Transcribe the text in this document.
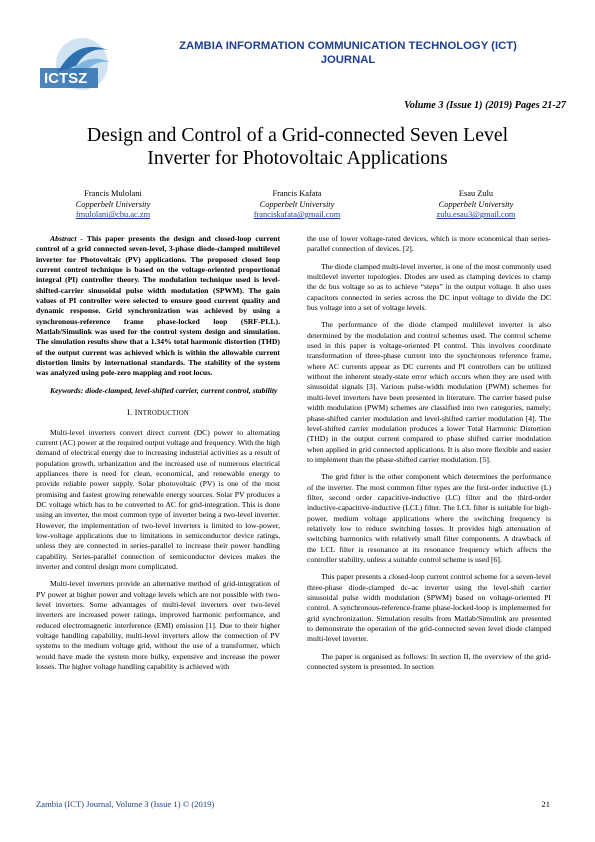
ICTSZ
ZAMBIA INFORMATION COMMUNICATION TECHNOLOGY (ICT)
JOURNAL
Volume 3 (Issue 1) (2019) Pages 21-27
Design and Control of a Grid-connected Seven Level
Inverter for Photovoltaic Applications
Francis Mulolani
Copperbelt University
fmulolani@cbu.ac.zm
Francis Kafata
Copperbelt University
franciskafata@gmail.com
Esau Zulu
Copperbelt University
zulu.esau3@gmail.com

Abstract - This paper presents the design and closed-loop current control of a grid connected seven-level, 3-phase diode-clamped multilevel inverter for Photovoltaic (PV) applications. The proposed closed loop current control technique is based on the voltage-oriented proportional integral (PI) controller theory. The modulation technique used is level-shifted-carrier sinusoidal pulse width modulation (SPWM). The gain values of PI controller were selected to ensure good current quality and dynamic response. Grid synchronization was achieved by using a synchronous-reference frame phase-locked loop (SRF-PLL). Matlab/Simulink was used for the control system design and simulation. The simulation results show that a 1.34% total harmonic distortion (THD) of the output current was achieved which is within the allowable current distortion limits by international standards. The stability of the system was analyzed using pole-zero mapping and root locus.

Keywords: diode-clamped, level-shifted carrier, current control, stability

I. INTRODUCTION

Multi-level inverters convert direct current (DC) power to alternating current (AC) power at the required output voltage and frequency. With the high demand of electrical energy due to increasing industrial activities as a result of population growth, urbanization and the increased use of numerous electrical appliances there is need for clean, economical, and renewable energy to provide reliable power supply. Solar photovoltaic (PV) is one of the most promising and fastest growing renewable energy sources. Solar PV produces a DC voltage which has to be converted to AC for grid-integration. This is done using an inverter, the most common type of inverter being a two-level inverter. However, the implementation of two-level inverters is limited to low-power, low-voltage applications due to limitations in semiconductor device ratings, unless they are connected in series-parallel to increase their power handling capability. Series-parallel connection of semiconductor devices makes the inverter and control design more complicated.

Multi-level inverters provide an alternative method of grid-integration of PV power at higher power and voltage levels which are not possible with two-level inverters. Some advantages of multi-level inverters over two-level inverters are increased power ratings, improved harmonic performance, and reduced electromagnetic interference (EMI) emission [1]. Due to their higher voltage handling capability, multi-level inverters allow the connection of PV systems to the medium voltage grid, without the use of a transformer, which would have made the system more bulky, expensive and increase the power losses. The higher voltage handling capability is achieved with

the use of lower voltage-rated devices, which is more economical than series-parallel connection of devices. [2].

The diode clamped multi-level inverter, is one of the most commonly used multilevel inverter topologies. Diodes are used as clamping devices to clamp the dc bus voltage so as to achieve “steps” in the output voltage. It also uses capacitors connected in series across the DC input voltage to divide the DC bus voltage into a set of voltage levels.

The performance of the diode clamped multilevel inverter is also determined by the modulation and control schemes used. The control scheme used in this paper is voltage-oriented PI control. This involves coordinate transformation of three-phase current into the synchronous reference frame, where AC currents appear as DC currents and PI controllers can be utilized without the inherent steady-state error which occurs when they are used with sinusoidal signals [3]. Various pulse-width modulation (PWM) schemes for multi-level inverters have been presented in literature. The carrier based pulse width modulation (PWM) schemes are classified into two categories, namely; phase-shifted carrier modulation and level-shifted carrier modulation [4]. The level-shifted carrier modulation produces a lower Total Harmonic Distortion (THD) in the output current compared to phase shifted carrier modulation when applied in grid connected applications. It is also more flexible and easier to implement than the phase-shifted carrier modulation. [5].

The grid filter is the other component which determines the performance of the inverter. The most common filter types are the first-order inductive (L) filter, second order capacitive-inductive (LC) filter and the third-order inductive-capacitive-inductive (LCL) filter. The LCL filter is suitable for high-power, medium voltage applications where the switching frequency is relatively low to reduce switching losses. It provides high attenuation of switching harmonics with relatively small filter components. A drawback of the LCL filter is resonance at its resonance frequency which affects the controller stability, unless a suitable control scheme is used [6].

This paper presents a closed-loop current control scheme for a seven-level three-phase diode-clamped dc–ac inverter using the level-shift carrier sinusoidal pulse width modulation (SPWM) based on voltage-oriented PI control. A synchronous-reference-frame phase-locked-loop is implemented for grid synchronization. Simulation results from Matlab/Simulink are presented to demonstrate the operation of the grid-connected seven level diode clamped multi-level inverter.

The paper is organised as follows: In section II, the overview of the grid-connected system is presented. In section

Zambia (ICT) Journal, Volume 3 (Issue 1) © (2019)	21
